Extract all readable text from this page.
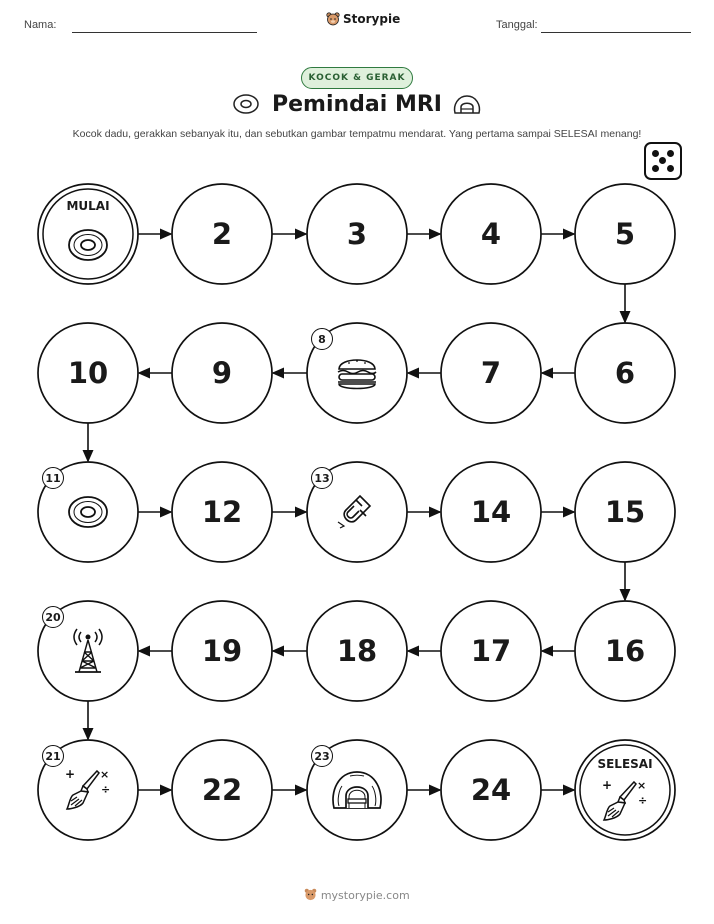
Nama:	Storypie	Tanggal:
KOCOK & GERAK
Pemindai MRI
Kocok dadu, gerakkan sebanyak itu, dan sebutkan gambar tempatmu mendarat. Yang pertama sampai SELESAI menang!
MULAI
2	3	4	5
6
7
8
9
10
11
12
13
14	15
16
17
18
19
20
21
+ ×
÷	22
23
24
SELESAI
+ ×
÷
mystorypie.com
